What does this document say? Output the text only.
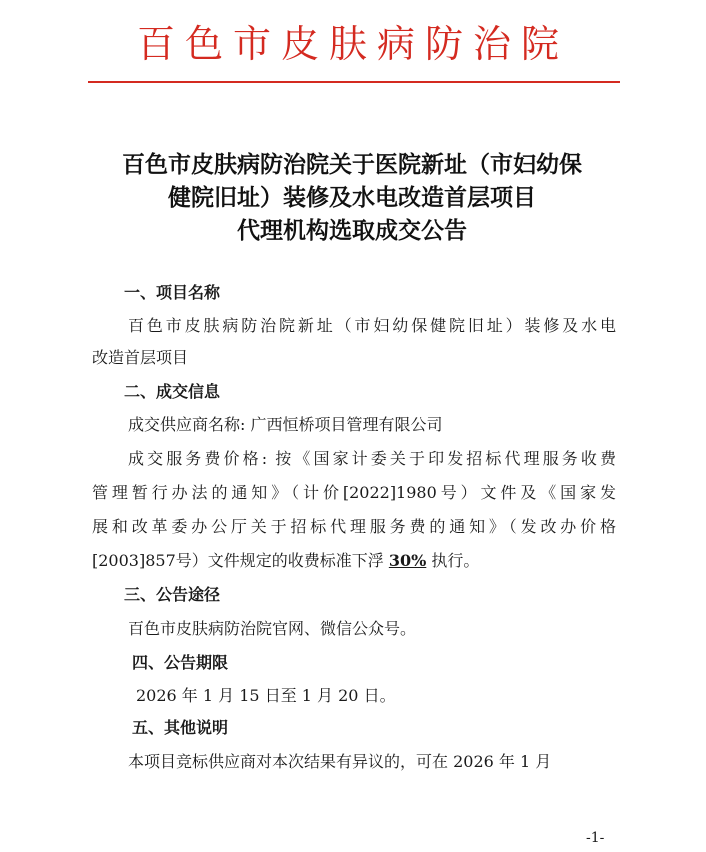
百色市皮肤病防治院
百色市皮肤病防治院关于医院新址（市妇幼保
健院旧址）装修及水电改造首层项目
代理机构选取成交公告
一、项目名称
百色市皮肤病防治院新址（市妇幼保健院旧址）装修及水电
改造首层项目
二、成交信息
成交供应商名称: 广西恒桥项目管理有限公司
成交服务费价格: 按《国家计委关于印发招标代理服务收费
管理暂行办法的通知》（计价[2022]1980号）文件及《国家发
展和改革委办公厅关于招标代理服务费的通知》（发改办价格
[2003]857号）文件规定的收费标准下浮 30% 执行。
三、公告途径
百色市皮肤病防治院官网、微信公众号。
四、公告期限
2026 年 1 月 15 日至 1 月 20 日。
五、其他说明
本项目竞标供应商对本次结果有异议的，可在 2026 年 1 月
-1-
